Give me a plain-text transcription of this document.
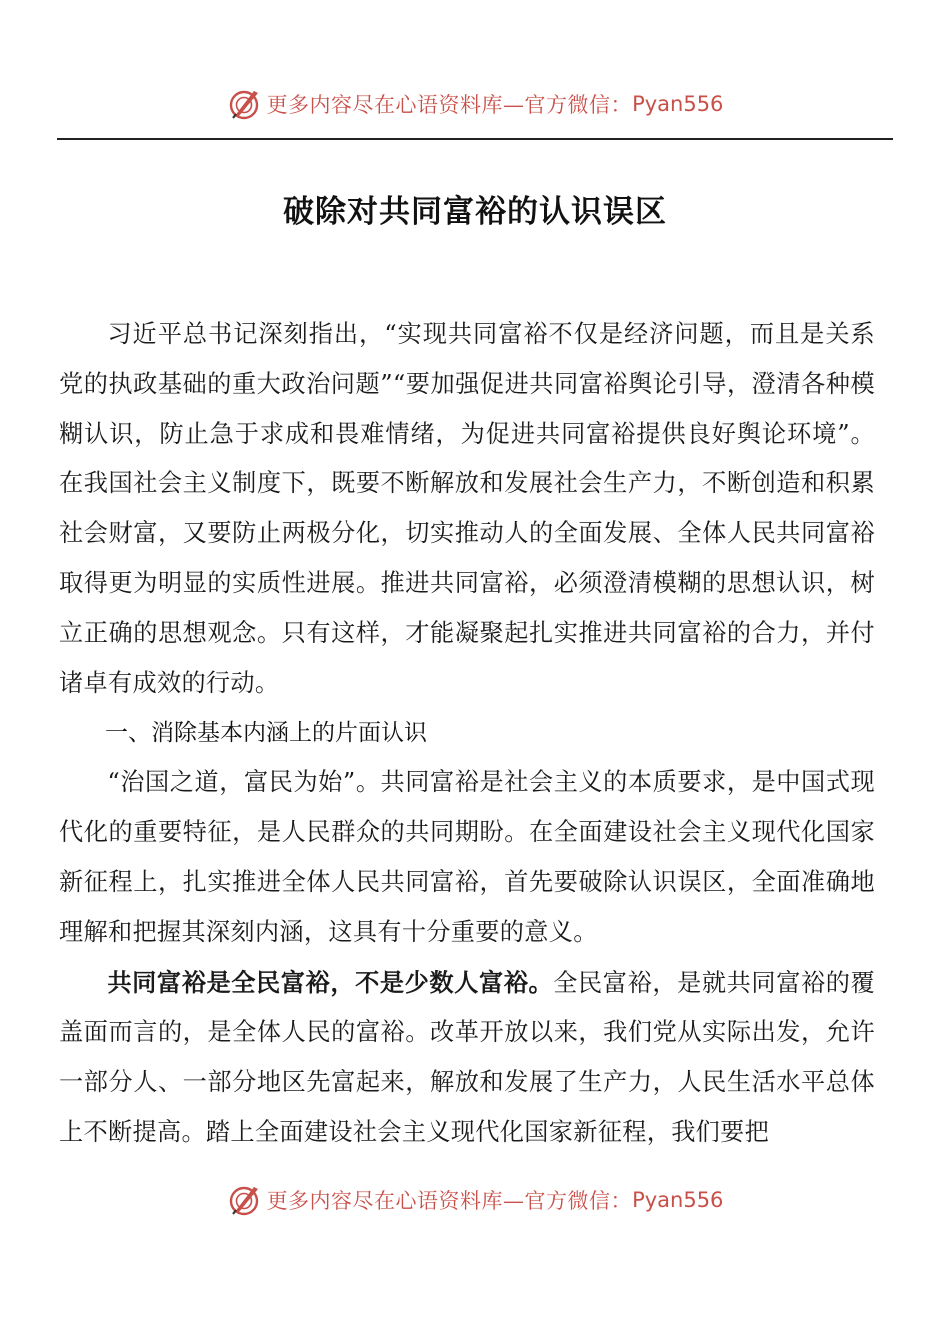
更多内容尽在心语资料库—官方微信： Pyan556
破除对共同富裕的认识误区

习近平总书记深刻指出，“实现共同富裕不仅是经济问题，而且是关系党的执政基础的重大政治问题”“要加强促进共同富裕舆论引导，澄清各种模糊认识，防止急于求成和畏难情绪，为促进共同富裕提供良好舆论环境”。在我国社会主义制度下，既要不断解放和发展社会生产力，不断创造和积累社会财富，又要防止两极分化，切实推动人的全面发展、全体人民共同富裕取得更为明显的实质性进展。推进共同富裕，必须澄清模糊的思想认识，树立正确的思想观念。只有这样，才能凝聚起扎实推进共同富裕的合力，并付诸卓有成效的行动。

一、消除基本内涵上的片面认识

“治国之道，富民为始”。共同富裕是社会主义的本质要求，是中国式现代化的重要特征，是人民群众的共同期盼。在全面建设社会主义现代化国家新征程上，扎实推进全体人民共同富裕，首先要破除认识误区，全面准确地理解和把握其深刻内涵，这具有十分重要的意义。

共同富裕是全民富裕，不是少数人富裕。全民富裕，是就共同富裕的覆盖面而言的，是全体人民的富裕。改革开放以来，我们党从实际出发，允许一部分人、一部分地区先富起来，解放和发展了生产力，人民生活水平总体上不断提高。踏上全面建设社会主义现代化国家新征程，我们要把

更多内容尽在心语资料库—官方微信： Pyan556
